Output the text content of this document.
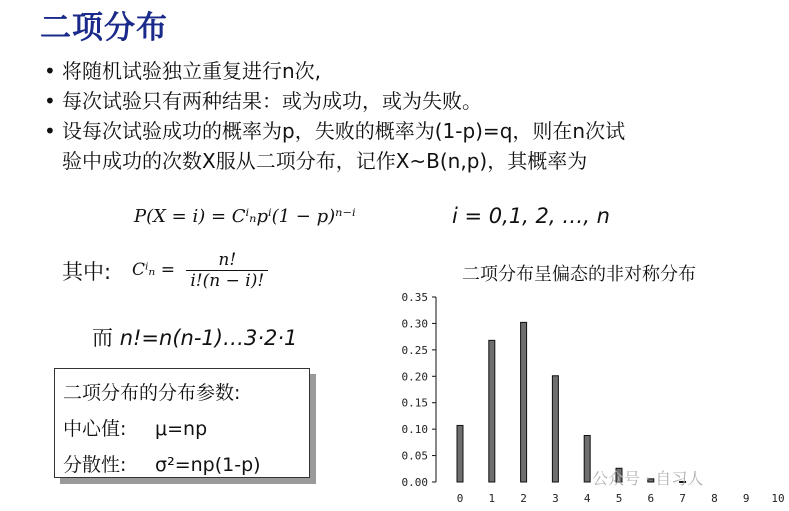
二项分布
• 将随机试验独立重复进行n次,
• 每次试验只有两种结果：或为成功，或为失败。
• 设每次试验成功的概率为p，失败的概率为(1-p)=q，则在n次试
验中成功的次数X服从二项分布，记作X~B(n,p)，其概率为
P(X = i) = Cⁱₙpⁱ(1 − p)ⁿ⁻ⁱ	i = 0,1, 2, …, n
其中: $C^i_n = \frac{n!}{i!(n - i)!}$
而 n!=n(n-1)…3·2·1
二项分布的分布参数:
中心值: μ=np
分散性: σ²=np(1-p)
二项分布呈偏态的非对称分布
0.00
0.05
0.10
0.15
0.20
0.25
0.30
0.35
0 1 2 3 4 5 6 7 8 9 10
公众号 · 自习人
